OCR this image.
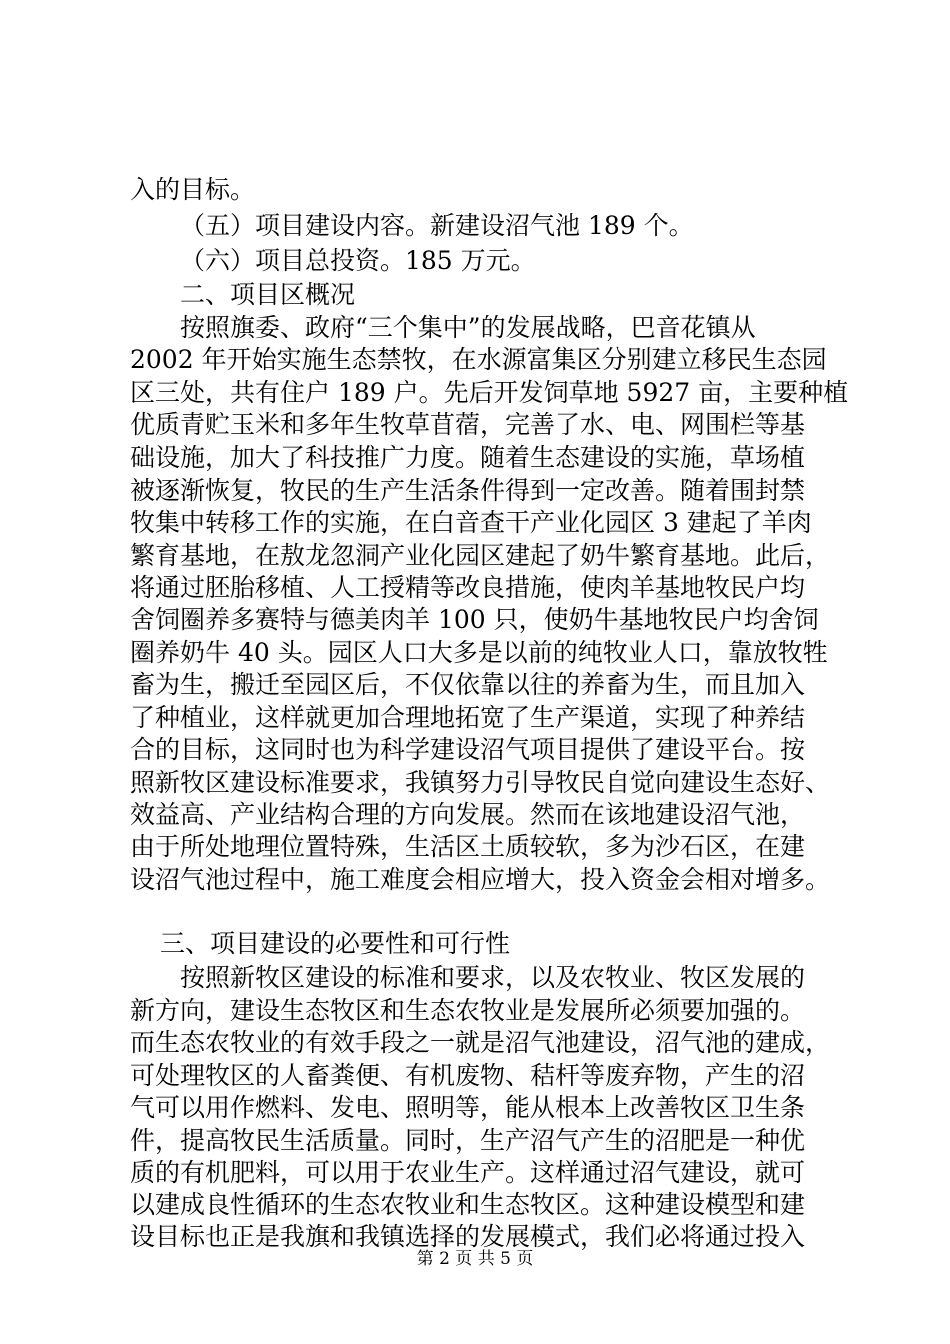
入的目标。

（五）项目建设内容。新建设沼气池 189 个。

（六）项目总投资。185 万元。

二、项目区概况

按照旗委、政府“三个集中”的发展战略，巴音花镇从

2002 年开始实施生态禁牧，在水源富集区分别建立移民生态园

区三处，共有住户 189 户。先后开发饲草地 5927 亩，主要种植

优质青贮玉米和多年生牧草苜蓿，完善了水、电、网围栏等基

础设施，加大了科技推广力度。随着生态建设的实施，草场植

被逐渐恢复，牧民的生产生活条件得到一定改善。随着围封禁

牧集中转移工作的实施，在白音查干产业化园区 3 建起了羊肉

繁育基地，在敖龙忽洞产业化园区建起了奶牛繁育基地。此后，

将通过胚胎移植、人工授精等改良措施，使肉羊基地牧民户均

舍饲圈养多赛特与德美肉羊 100 只，使奶牛基地牧民户均舍饲

圈养奶牛 40 头。园区人口大多是以前的纯牧业人口，靠放牧牲

畜为生，搬迁至园区后，不仅依靠以往的养畜为生，而且加入

了种植业，这样就更加合理地拓宽了生产渠道，实现了种养结

合的目标，这同时也为科学建设沼气项目提供了建设平台。按

照新牧区建设标准要求，我镇努力引导牧民自觉向建设生态好、

效益高、产业结构合理的方向发展。然而在该地建设沼气池，

由于所处地理位置特殊，生活区土质较软，多为沙石区，在建

设沼气池过程中，施工难度会相应增大，投入资金会相对增多。

三、项目建设的必要性和可行性

按照新牧区建设的标准和要求，以及农牧业、牧区发展的

新方向，建设生态牧区和生态农牧业是发展所必须要加强的。

而生态农牧业的有效手段之一就是沼气池建设，沼气池的建成，

可处理牧区的人畜粪便、有机废物、秸杆等废弃物，产生的沼

气可以用作燃料、发电、照明等，能从根本上改善牧区卫生条

件，提高牧民生活质量。同时，生产沼气产生的沼肥是一种优

质的有机肥料，可以用于农业生产。这样通过沼气建设，就可

以建成良性循环的生态农牧业和生态牧区。这种建设模型和建

设目标也正是我旗和我镇选择的发展模式，我们必将通过投入

第 2 页 共 5 页
